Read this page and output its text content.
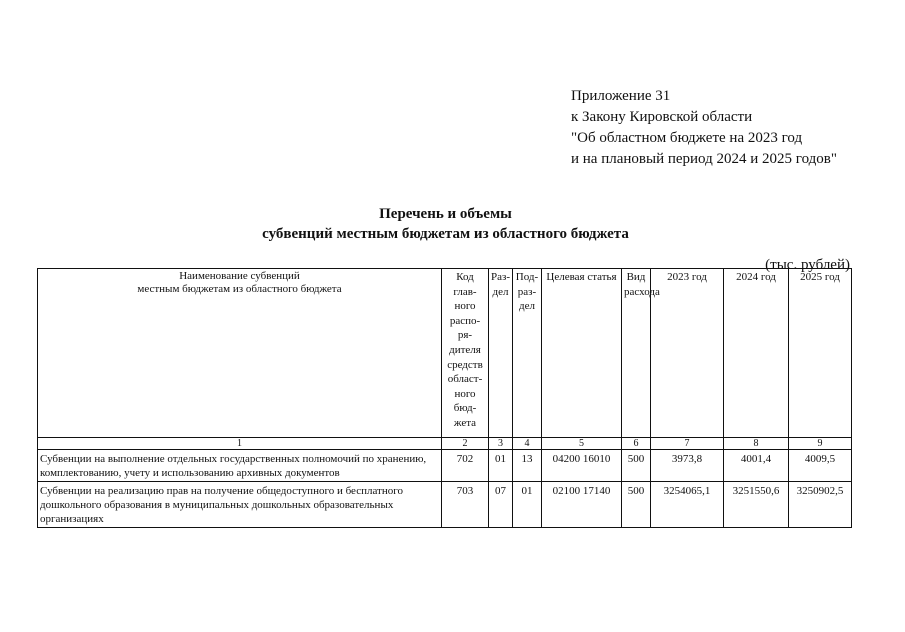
Приложение 31
к Закону Кировской области
"Об областном бюджете на 2023 год
и на плановый период 2024 и 2025 годов"
Перечень и объемы
субвенций местным бюджетам из областного бюджета
(тыс. рублей)
Наименование субвенций
местным бюджетам из областного бюджета	Код глав-ного распо-ря-дителя средств област-ного бюд-жета	Раз-дел	Под-раз-дел	Целевая статья	Вид расхода	2023 год	2024 год	2025 год
1	2	3	4	5	6	7	8	9
Субвенции на выполнение отдельных государственных полномочий по хранению, комплектованию, учету и использованию архивных документов	702	01	13	04200 16010	500	3973,8	4001,4	4009,5
Субвенции на реализацию прав на получение общедоступного и бесплатного дошкольного образования в муниципальных дошкольных образовательных организациях	703	07	01	02100 17140	500	3254065,1	3251550,6	3250902,5
